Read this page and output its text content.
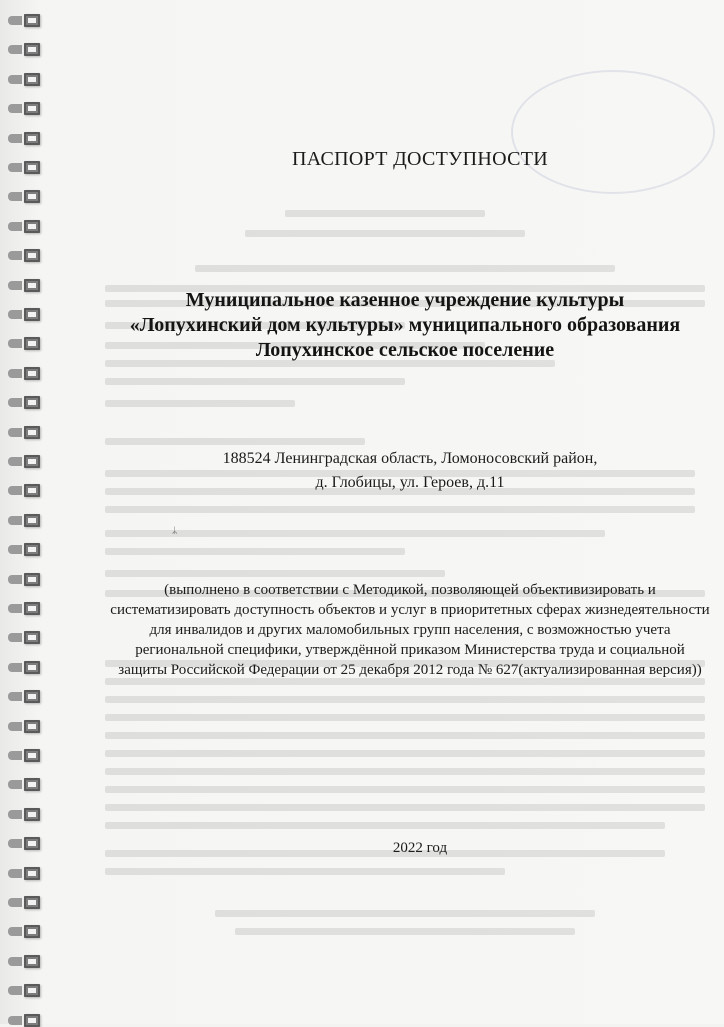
ПАСПОРТ ДОСТУПНОСТИ
Муниципальное казенное учреждение культуры
«Лопухинский дом культуры» муниципального образования
Лопухинское сельское поселение
188524 Ленинградская область, Ломоносовский район,
д. Глобицы, ул. Героев, д.11
ᛦ
(выполнено в соответствии с Методикой, позволяющей объективизировать и
систематизировать доступность объектов и услуг в приоритетных сферах жизнедеятельности
для инвалидов и других маломобильных групп населения, с возможностью учета
региональной специфики, утверждённой приказом Министерства труда и социальной
защиты Российской Федерации от 25 декабря 2012 года № 627(актуализированная версия))
2022 год
